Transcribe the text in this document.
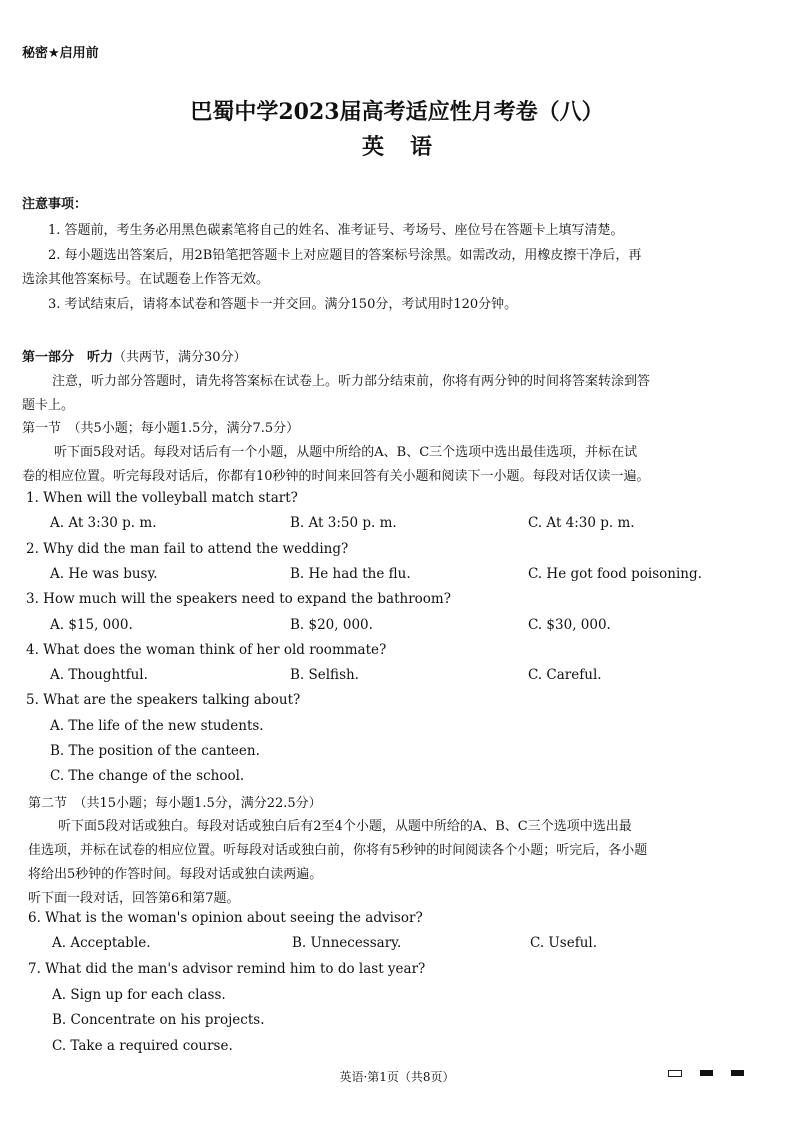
秘密★启用前
巴蜀中学2023届高考适应性月考卷（八）
英语
注意事项：
1. 答题前，考生务必用黑色碳素笔将自己的姓名、准考证号、考场号、座位号在答题卡上填写清楚。
2. 每小题选出答案后，用2B铅笔把答题卡上对应题目的答案标号涂黑。如需改动，用橡皮擦干净后，再
选涂其他答案标号。在试题卷上作答无效。
3. 考试结束后，请将本试卷和答题卡一并交回。满分150分，考试用时120分钟。
第一部分　听力（共两节，满分30分）
注意，听力部分答题时，请先将答案标在试卷上。听力部分结束前，你将有两分钟的时间将答案转涂到答
题卡上。
第一节　（共5小题；每小题1.5分，满分7.5分）
听下面5段对话。每段对话后有一个小题，从题中所给的A、B、C三个选项中选出最佳选项，并标在试
卷的相应位置。听完每段对话后，你都有10秒钟的时间来回答有关小题和阅读下一小题。每段对话仅读一遍。
1. When will the volleyball match start?
A. At 3:30 p. m.	B. At 3:50 p. m.	C. At 4:30 p. m.
2. Why did the man fail to attend the wedding?
A. He was busy.	B. He had the flu.	C. He got food poisoning.
3. How much will the speakers need to expand the bathroom?
A. $15, 000.	B. $20, 000.	C. $30, 000.
4. What does the woman think of her old roommate?
A. Thoughtful.	B. Selfish.	C. Careful.
5. What are the speakers talking about?
A. The life of the new students.
B. The position of the canteen.
C. The change of the school.
第二节　（共15小题；每小题1.5分，满分22.5分）
听下面5段对话或独白。每段对话或独白后有2至4个小题，从题中所给的A、B、C三个选项中选出最
佳选项，并标在试卷的相应位置。听每段对话或独白前，你将有5秒钟的时间阅读各个小题；听完后，各小题
将给出5秒钟的作答时间。每段对话或独白读两遍。
听下面一段对话，回答第6和第7题。
6. What is the woman's opinion about seeing the advisor?
A. Acceptable.	B. Unnecessary.	C. Useful.
7. What did the man's advisor remind him to do last year?
A. Sign up for each class.
B. Concentrate on his projects.
C. Take a required course.
英语·第1页（共8页）
